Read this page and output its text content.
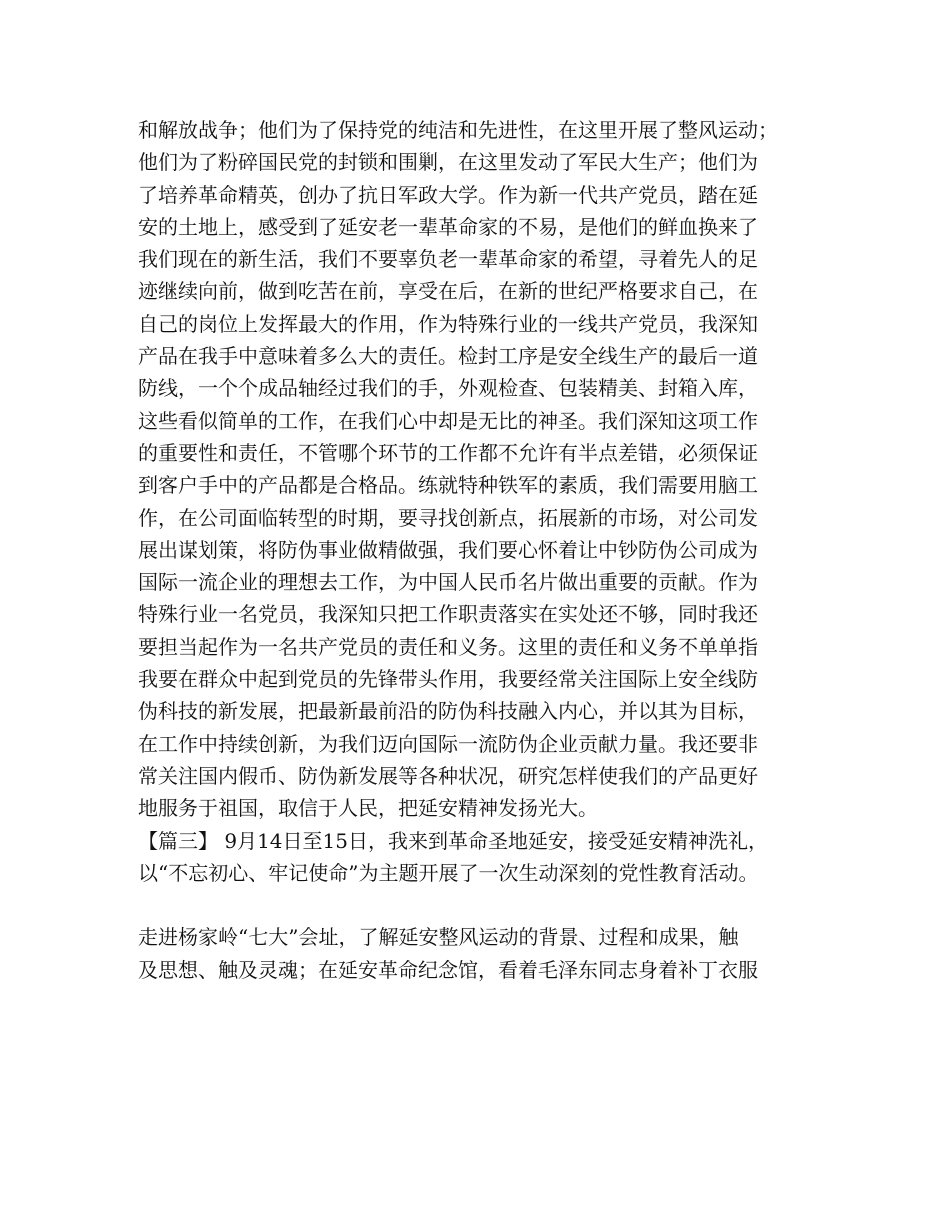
和解放战争；他们为了保持党的纯洁和先进性，在这里开展了整风运动；
他们为了粉碎国民党的封锁和围剿，在这里发动了军民大生产；他们为
了培养革命精英，创办了抗日军政大学。作为新一代共产党员，踏在延
安的土地上，感受到了延安老一辈革命家的不易，是他们的鲜血换来了
我们现在的新生活，我们不要辜负老一辈革命家的希望，寻着先人的足
迹继续向前，做到吃苦在前，享受在后，在新的世纪严格要求自己，在
自己的岗位上发挥最大的作用，作为特殊行业的一线共产党员，我深知
产品在我手中意味着多么大的责任。检封工序是安全线生产的最后一道
防线，一个个成品轴经过我们的手，外观检查、包装精美、封箱入库，
这些看似简单的工作，在我们心中却是无比的神圣。我们深知这项工作
的重要性和责任，不管哪个环节的工作都不允许有半点差错，必须保证
到客户手中的产品都是合格品。练就特种铁军的素质，我们需要用脑工
作，在公司面临转型的时期，要寻找创新点，拓展新的市场，对公司发
展出谋划策，将防伪事业做精做强，我们要心怀着让中钞防伪公司成为
国际一流企业的理想去工作，为中国人民币名片做出重要的贡献。作为
特殊行业一名党员，我深知只把工作职责落实在实处还不够，同时我还
要担当起作为一名共产党员的责任和义务。这里的责任和义务不单单指
我要在群众中起到党员的先锋带头作用，我要经常关注国际上安全线防
伪科技的新发展，把最新最前沿的防伪科技融入内心，并以其为目标，
在工作中持续创新，为我们迈向国际一流防伪企业贡献力量。我还要非
常关注国内假币、防伪新发展等各种状况，研究怎样使我们的产品更好
地服务于祖国，取信于人民，把延安精神发扬光大。
【篇三】 9月14日至15日，我来到革命圣地延安，接受延安精神洗礼，
以“不忘初心、牢记使命”为主题开展了一次生动深刻的党性教育活动。
走进杨家岭“七大”会址，了解延安整风运动的背景、过程和成果，触
及思想、触及灵魂；在延安革命纪念馆，看着毛泽东同志身着补丁衣服
